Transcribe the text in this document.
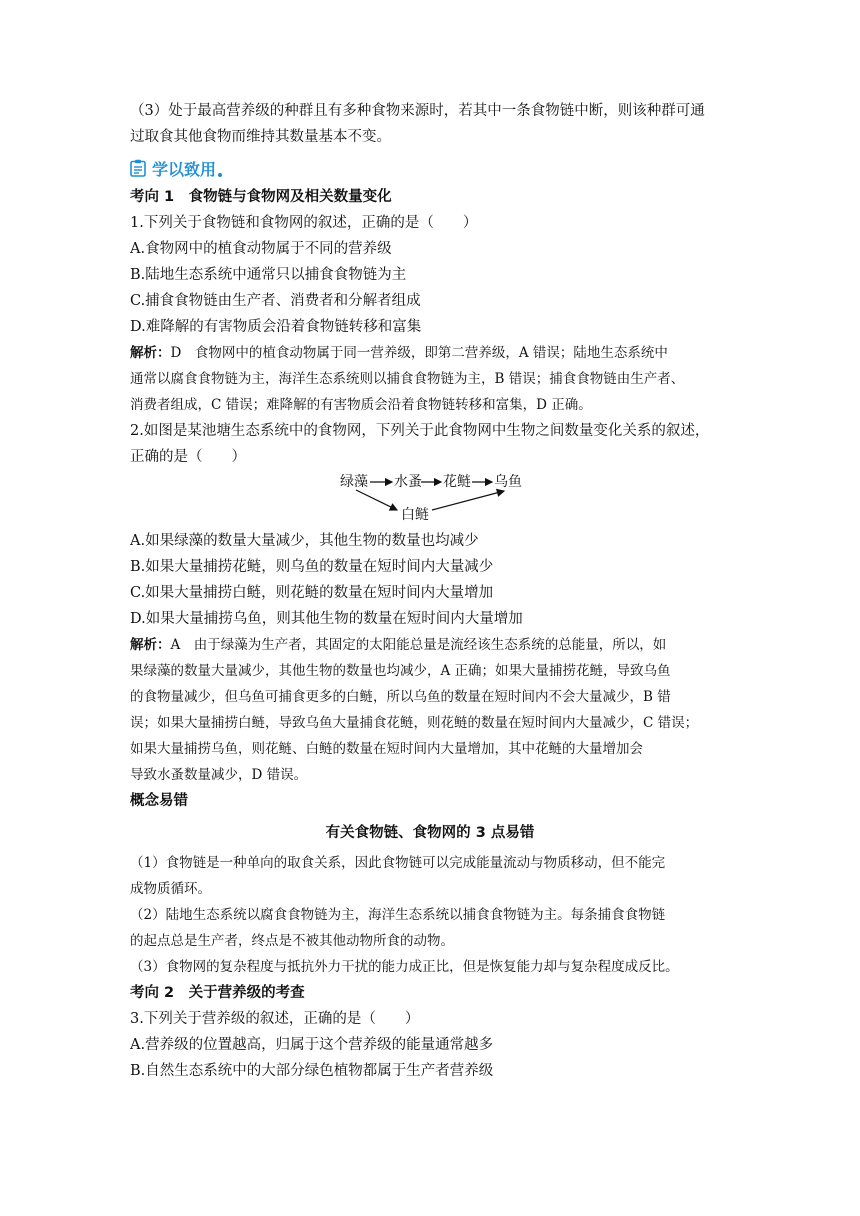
（3）处于最高营养级的种群且有多种食物来源时，若其中一条食物链中断，则该种群可通

过取食其他食物而维持其数量基本不变。

学以致用

考向 1　 食物链与食物网及相关数量变化

1.下列关于食物链和食物网的叙述，正确的是（　　）

A.食物网中的植食动物属于不同的营养级

B.陆地生态系统中通常只以捕食食物链为主

C.捕食食物链由生产者、消费者和分解者组成

D.难降解的有害物质会沿着食物链转移和富集

解析：D　 食物网中的植食动物属于同一营养级，即第二营养级，A 错误；陆地生态系统中

通常以腐食食物链为主，海洋生态系统则以捕食食物链为主，B 错误；捕食食物链由生产者、

消费者组成，C 错误；难降解的有害物质会沿着食物链转移和富集，D 正确。

2.如图是某池塘生态系统中的食物网，下列关于此食物网中生物之间数量变化关系的叙述，

正确的是（　　）

绿藻 水蚤 花鲢 乌鱼
白鲢

A.如果绿藻的数量大量减少，其他生物的数量也均减少

B.如果大量捕捞花鲢，则乌鱼的数量在短时间内大量减少

C.如果大量捕捞白鲢，则花鲢的数量在短时间内大量增加

D.如果大量捕捞乌鱼，则其他生物的数量在短时间内大量增加

解析：A　 由于绿藻为生产者，其固定的太阳能总量是流经该生态系统的总能量，所以，如

果绿藻的数量大量减少，其他生物的数量也均减少，A 正确；如果大量捕捞花鲢，导致乌鱼

的食物量减少，但乌鱼可捕食更多的白鲢，所以乌鱼的数量在短时间内不会大量减少，B 错

误；如果大量捕捞白鲢，导致乌鱼大量捕食花鲢，则花鲢的数量在短时间内大量减少，C 错误；

如果大量捕捞乌鱼，则花鲢、白鲢的数量在短时间内大量增加，其中花鲢的大量增加会

导致水蚤数量减少，D 错误。

概念易错

有关食物链、食物网的 3 点易错

（1）食物链是一种单向的取食关系，因此食物链可以完成能量流动与物质移动，但不能完

成物质循环。

（2）陆地生态系统以腐食食物链为主，海洋生态系统以捕食食物链为主。每条捕食食物链

的起点总是生产者，终点是不被其他动物所食的动物。

（3）食物网的复杂程度与抵抗外力干扰的能力成正比，但是恢复能力却与复杂程度成反比。

考向 2　 关于营养级的考查

3.下列关于营养级的叙述，正确的是（　　）

A.营养级的位置越高，归属于这个营养级的能量通常越多

B.自然生态系统中的大部分绿色植物都属于生产者营养级
